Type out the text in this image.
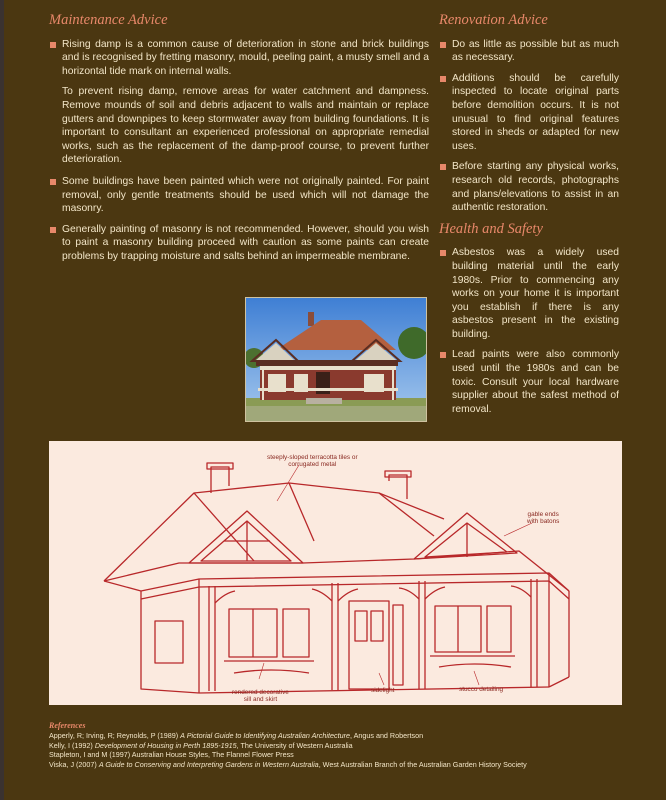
Maintenance Advice
Rising damp is a common cause of deterioration in stone and brick buildings and is recognised by fretting masonry, mould, peeling paint, a musty smell and a horizontal tide mark on internal walls.

To prevent rising damp, remove areas for water catchment and dampness. Remove mounds of soil and debris adjacent to walls and maintain or replace gutters and downpipes to keep stormwater away from building foundations. It is important to consultant an experienced professional on appropriate remedial works, such as the replacement of the damp-proof course, to prevent further deterioration.

Some buildings have been painted which were not originally painted. For paint removal, only gentle treatments should be used which will not damage the masonry.
Generally painting of masonry is not recommended. However, should you wish to paint a masonry building proceed with caution as some paints can create problems by trapping moisture and salts behind an impermeable membrane.
Renovation Advice
Do as little as possible but as much as necessary.
Additions should be carefully inspected to locate original parts before demolition occurs. It is not unusual to find original features stored in sheds or adapted for new uses.
Before starting any physical works, research old records, photographs and plans/elevations to assist in an authentic restoration.
Health and Safety
Asbestos was a widely used building material until the early 1980s. Prior to commencing any works on your home it is important you establish if there is any asbestos present in the existing building.
Lead paints were also commonly used until the 1980s and can be toxic. Consult your local hardware supplier about the safest method of removal.
steeply-sloped terracotta tiles or
corrugated metal
gable ends
with batons
rendered decorative
sill and skirt
sidelight	stucco detailing
References
Apperly, R; Irving, R; Reynolds, P (1989) A Pictorial Guide to Identifying Australian Architecture, Angus and Robertson
Kelly, I (1992) Development of Housing in Perth 1895-1915, The University of Western Australia
Stapleton, I and M (1997) Australian House Styles, The Flannel Flower Press
Viska, J (2007) A Guide to Conserving and Interpreting Gardens in Western Australia, West Australian Branch of the Australian Garden History Society
